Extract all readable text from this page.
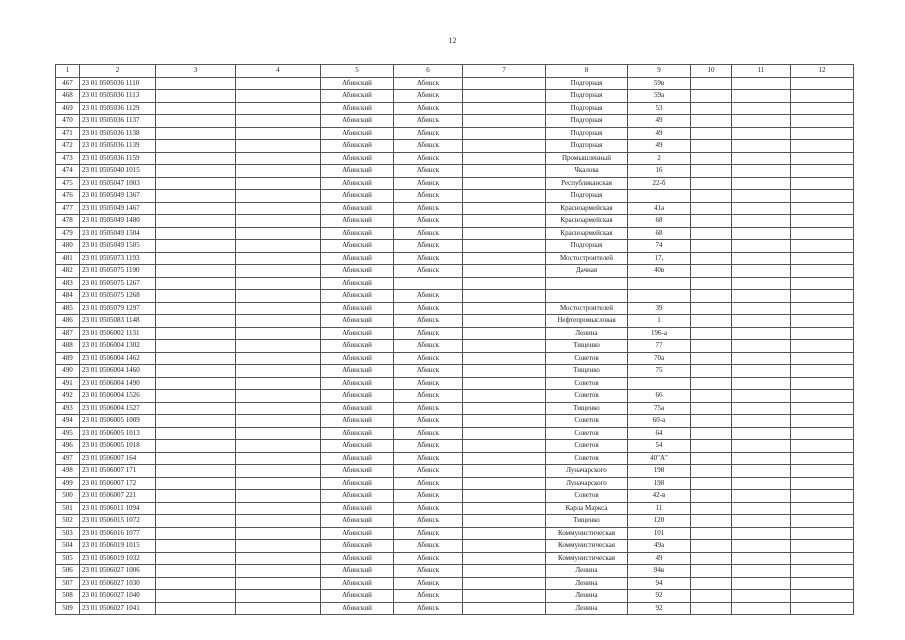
12
1	2	3	4	5	6	7	8	9	10	11	12
467	23 01 0505036 1110			Абинский	Абинск		Подгорная	59в			
468	23 01 0505036 1113			Абинский	Абинск		Подгорная	59а			
469	23 01 0505036 1129			Абинский	Абинск		Подгорная	53			
470	23 01 0505036 1137			Абинский	Абинск		Подгорная	49			
471	23 01 0505036 1138			Абинский	Абинск		Подгорная	49			
472	23 01 0505036 1139			Абинский	Абинск		Подгорная	49			
473	23 01 0505036 1159			Абинский	Абинск		Промышленный	2			
474	23 01 0505040 1015			Абинский	Абинск		Чкалова	16			
475	23 01 0505047 1003			Абинский	Абинск		Республиканская	22-б			
476	23 01 0505049 1367			Абинский	Абинск		Подгорная				
477	23 01 0505049 1467			Абинский	Абинск		Красноармейская	41а			
478	23 01 0505049 1480			Абинский	Абинск		Красноармейская	68			
479	23 01 0505049 1504			Абинский	Абинск		Красноармейская	68			
480	23 01 0505049 1505			Абинский	Абинск		Подгорная	74			
481	23 01 0505073 1193			Абинский	Абинск		Мостостроителей	17,			
482	23 01 0505075 1190			Абинский	Абинск		Дачная	40в			
483	23 01 0505075 1267			Абинский							
484	23 01 0505075 1268			Абинский	Абинск						
485	23 01 0505079 1297			Абинский	Абинск		Мостостроителей	39			
486	23 01 0505083 1148			Абинский	Абинск		Нефтепромысловая	1			
487	23 01 0506002 1131			Абинский	Абинск		Ленина	196-а			
488	23 01 0506004 1302			Абинский	Абинск		Тищенко	77			
489	23 01 0506004 1462			Абинский	Абинск		Советов	70а			
490	23 01 0506004 1460			Абинский	Абинск		Тищенко	75			
491	23 01 0506004 1490			Абинский	Абинск		Советов				
492	23 01 0506004 1526			Абинский	Абинск		Советов	66			
493	23 01 0506004 1527			Абинский	Абинск		Тищенко	75а			
494	23 01 0506005 1009			Абинский	Абинск		Советов	60-а			
495	23 01 0506005 1013			Абинский	Абинск		Советов	64			
496	23 01 0506005 1018			Абинский	Абинск		Советов	54			
497	23 01 0506007 164			Абинский	Абинск		Советов	40"А"			
498	23 01 0506007 171			Абинский	Абинск		Луначарского	198			
499	23 01 0506007 172			Абинский	Абинск		Луначарского	198			
500	23 01 0506007 221			Абинский	Абинск		Советов	42-в			
501	23 01 0506011 1094			Абинский	Абинск		Карла Маркса	11			
502	23 01 0506015 1072			Абинский	Абинск		Тищенко	120			
503	23 01 0506016 1077			Абинский	Абинск		Коммунистическая	101			
504	23 01 0506019 1015			Абинский	Абинск		Коммунистическая	49а			
505	23 01 0506019 1032			Абинский	Абинск		Коммунистическая	49			
506	23 01 0506027 1006			Абинский	Абинск		Ленина	94в			
507	23 01 0506027 1030			Абинский	Абинск		Ленина	94			
508	23 01 0506027 1040			Абинский	Абинск		Ленина	92			
509	23 01 0506027 1041			Абинский	Абинск		Ленина	92			
